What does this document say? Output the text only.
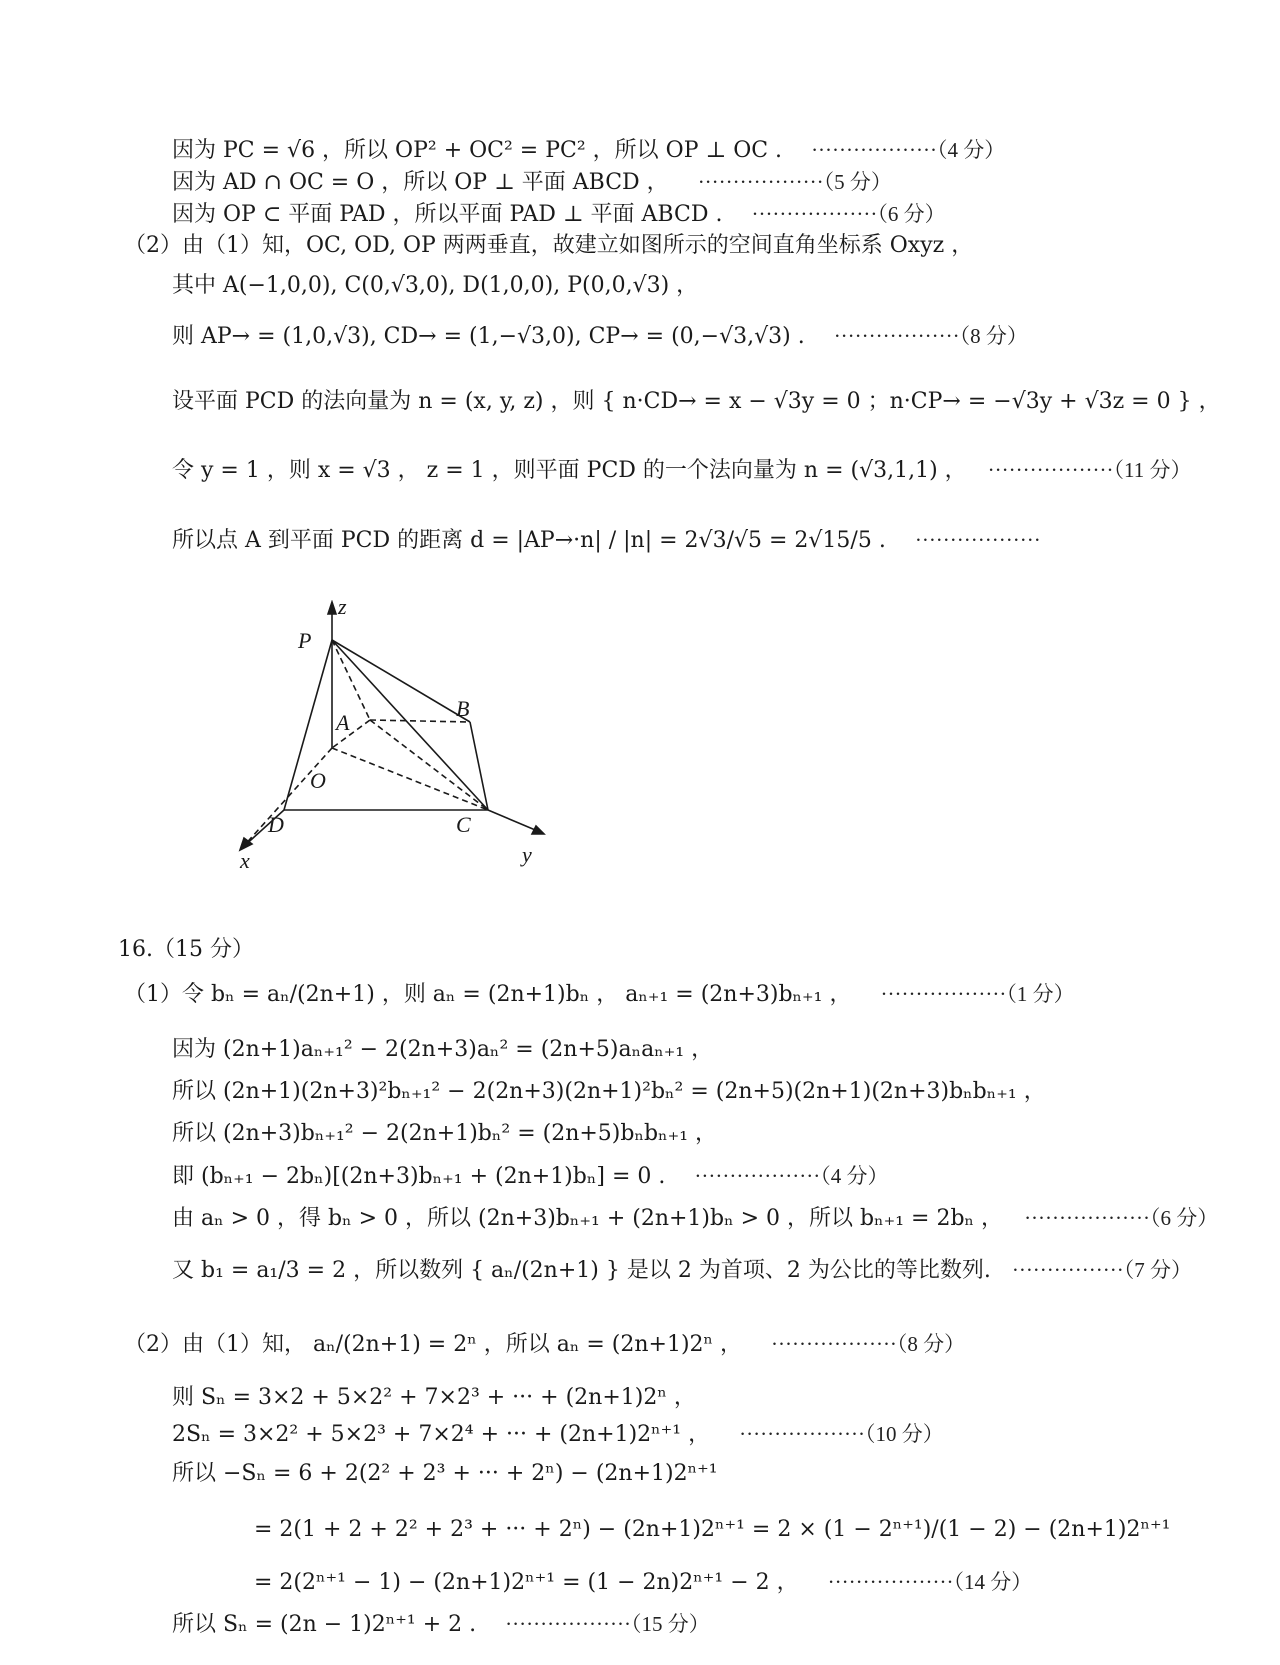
因为 PC = √6 ，所以 OP² + OC² = PC² ，所以 OP ⊥ OC . ··················（4 分）
因为 AD ∩ OC = O ，所以 OP ⊥ 平面 ABCD ， ··················（5 分）
因为 OP ⊂ 平面 PAD ，所以平面 PAD ⊥ 平面 ABCD . ··················（6 分）
（2）由（1）知，OC, OD, OP 两两垂直，故建立如图所示的空间直角坐标系 Oxyz ，
其中 A(−1,0,0), C(0,√3,0), D(1,0,0), P(0,0,√3) ，
则 AP→ = (1,0,√3), CD→ = (1,−√3,0), CP→ = (0,−√3,√3) . ··················（8 分）
设平面 PCD 的法向量为 n = (x, y, z) ，则 { n·CD→ = x − √3y = 0 ；n·CP→ = −√3y + √3z = 0 } ，
令 y = 1 ，则 x = √3 ， z = 1 ，则平面 PCD 的一个法向量为 n = (√3,1,1) ， ··················（11 分）
所以点 A 到平面 PCD 的距离 d = |AP→·n| / |n| = 2√3/√5 = 2√15/5 . ··················
z
P
A
B
O
D	C
x	y
16.（15 分）
（1）令 bₙ = aₙ/(2n+1) ，则 aₙ = (2n+1)bₙ ， aₙ₊₁ = (2n+3)bₙ₊₁ ， ··················（1 分）
因为 (2n+1)aₙ₊₁² − 2(2n+3)aₙ² = (2n+5)aₙaₙ₊₁ ，
所以 (2n+1)(2n+3)²bₙ₊₁² − 2(2n+3)(2n+1)²bₙ² = (2n+5)(2n+1)(2n+3)bₙbₙ₊₁ ，
所以 (2n+3)bₙ₊₁² − 2(2n+1)bₙ² = (2n+5)bₙbₙ₊₁ ，
即 (bₙ₊₁ − 2bₙ)[(2n+3)bₙ₊₁ + (2n+1)bₙ] = 0 . ··················（4 分）
由 aₙ > 0 ，得 bₙ > 0 ，所以 (2n+3)bₙ₊₁ + (2n+1)bₙ > 0 ，所以 bₙ₊₁ = 2bₙ ， ··················（6 分）
又 b₁ = a₁/3 = 2 ，所以数列 { aₙ/(2n+1) } 是以 2 为首项、2 为公比的等比数列. ················（7 分）
（2）由（1）知， aₙ/(2n+1) = 2ⁿ ，所以 aₙ = (2n+1)2ⁿ ， ··················（8 分）
则 Sₙ = 3×2 + 5×2² + 7×2³ + ··· + (2n+1)2ⁿ ，
2Sₙ = 3×2² + 5×2³ + 7×2⁴ + ··· + (2n+1)2ⁿ⁺¹ ， ··················（10 分）
所以 −Sₙ = 6 + 2(2² + 2³ + ··· + 2ⁿ) − (2n+1)2ⁿ⁺¹
= 2(1 + 2 + 2² + 2³ + ··· + 2ⁿ) − (2n+1)2ⁿ⁺¹ = 2 × (1 − 2ⁿ⁺¹)/(1 − 2) − (2n+1)2ⁿ⁺¹
= 2(2ⁿ⁺¹ − 1) − (2n+1)2ⁿ⁺¹ = (1 − 2n)2ⁿ⁺¹ − 2 ， ··················（14 分）
所以 Sₙ = (2n − 1)2ⁿ⁺¹ + 2 . ··················（15 分）
